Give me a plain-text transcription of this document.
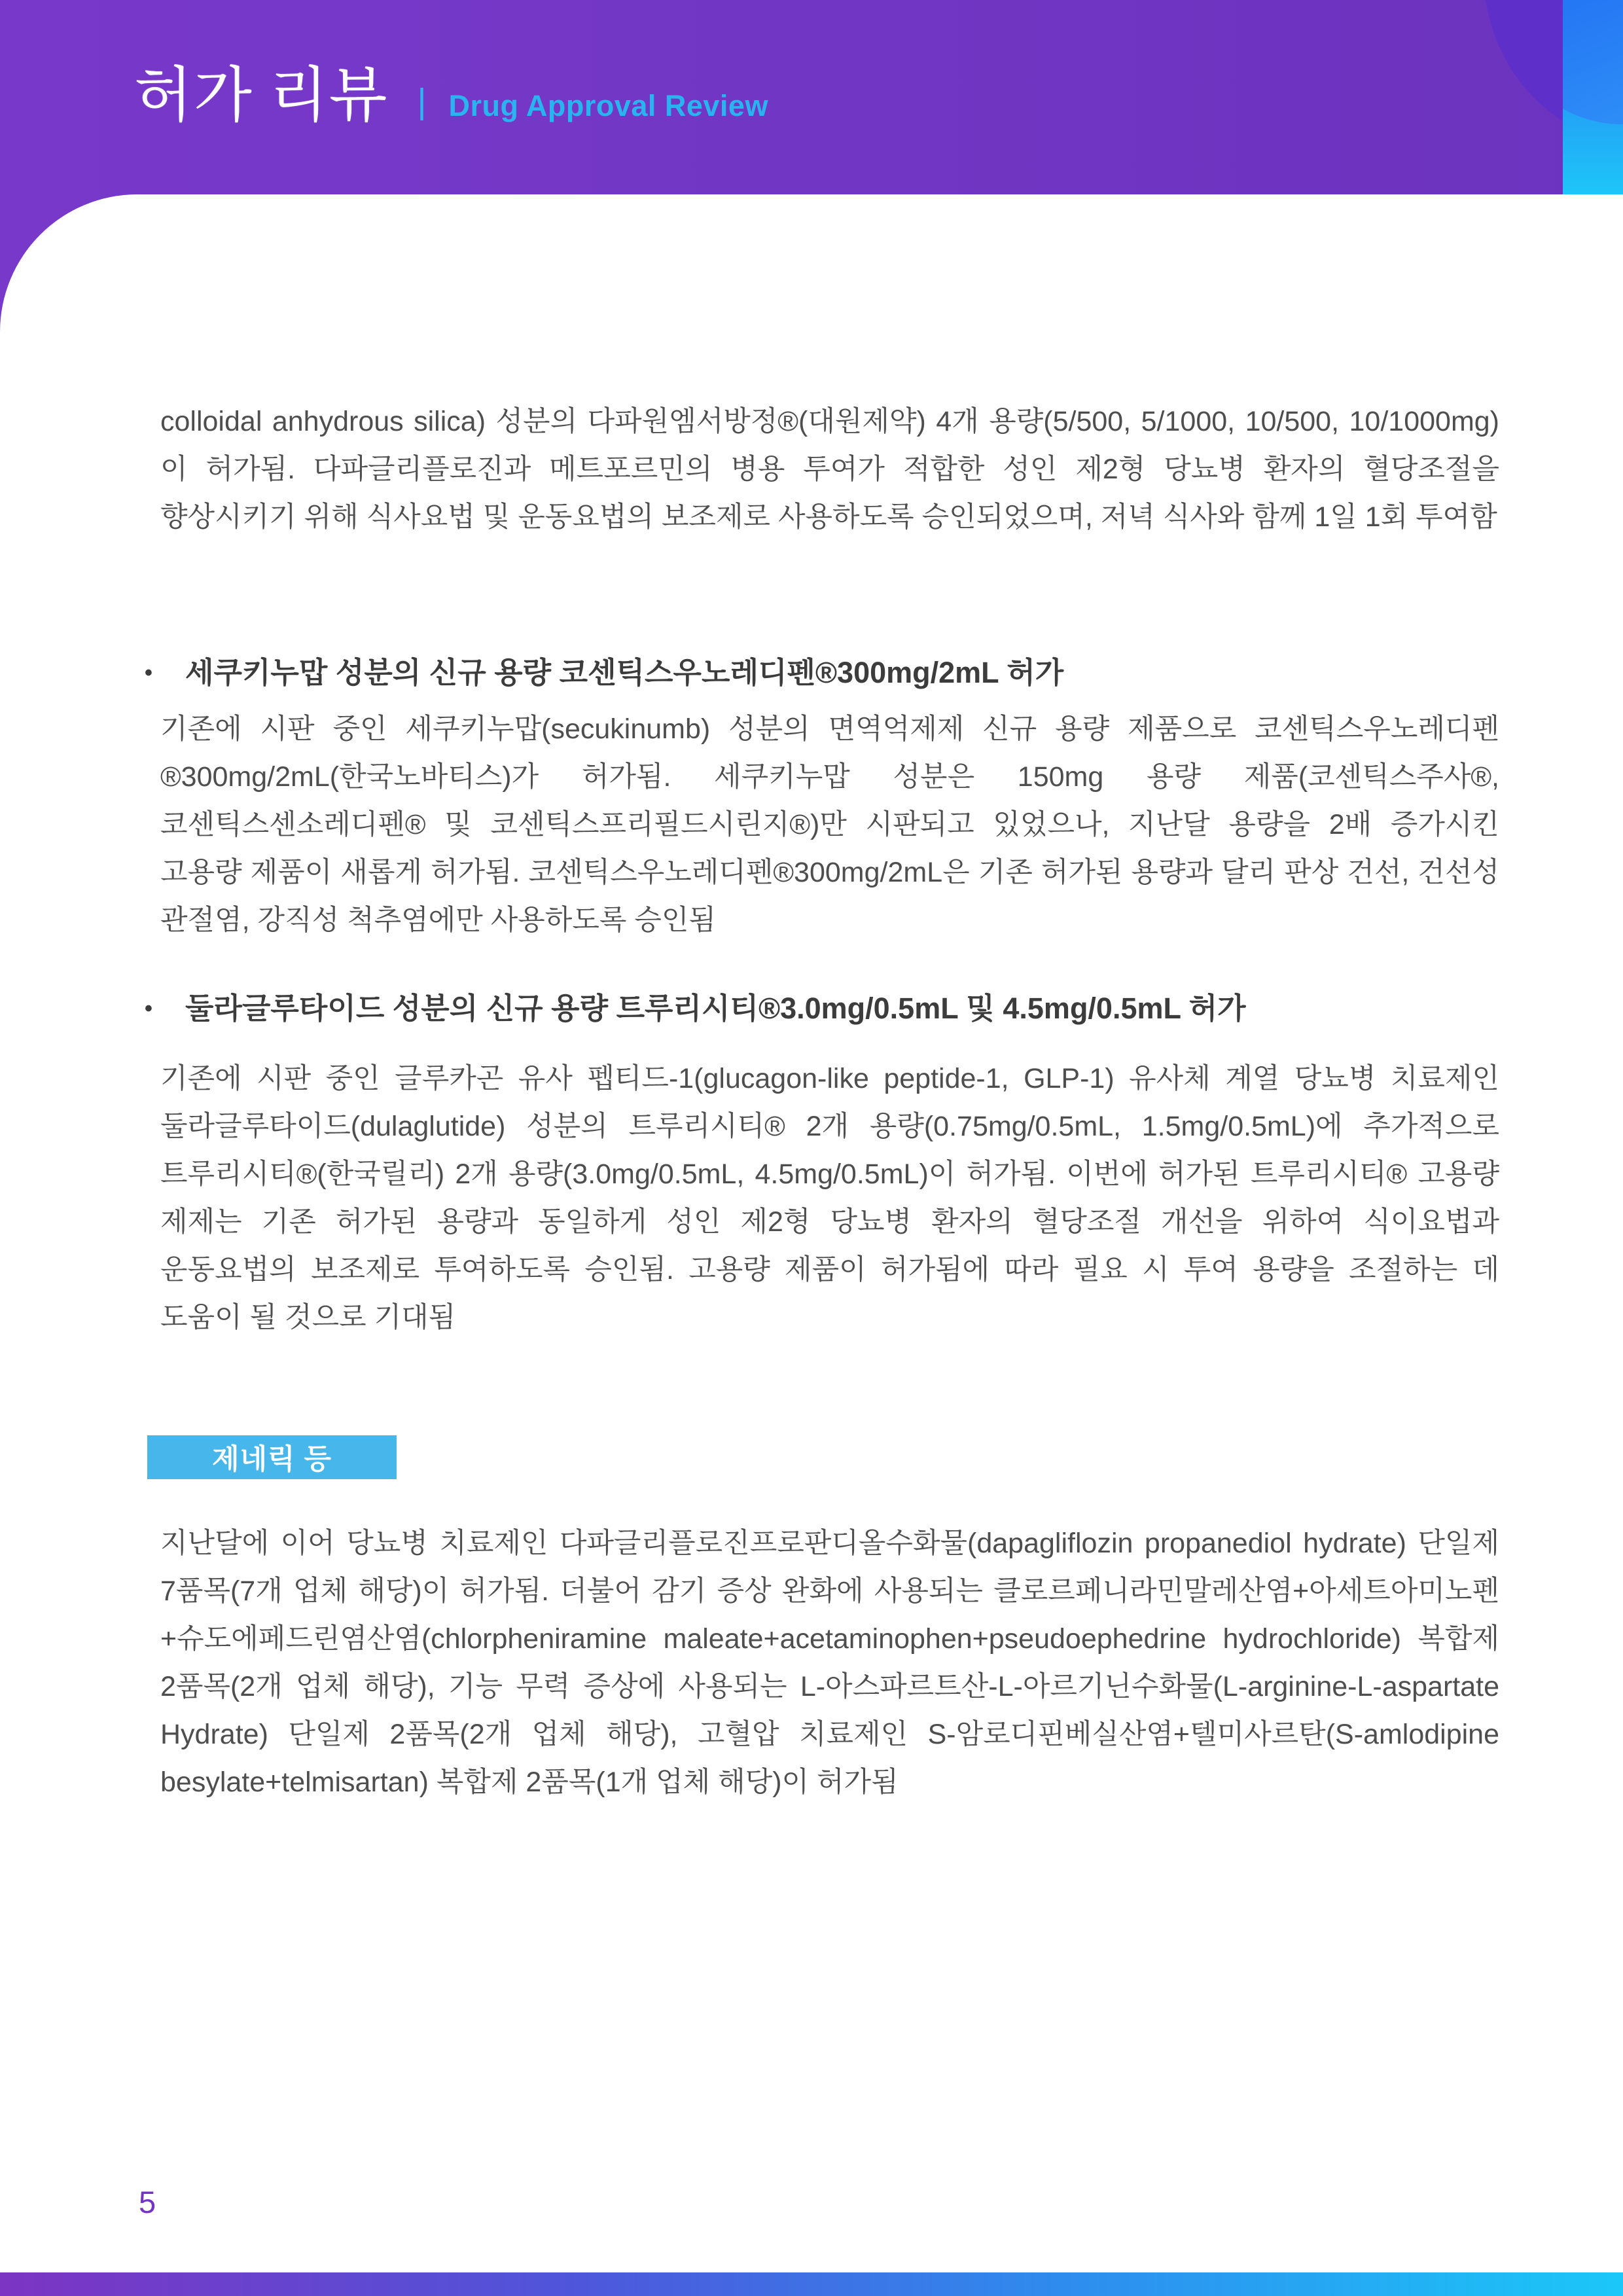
허가 리뷰 | Drug Approval Review

colloidal anhydrous silica) 성분의 다파원엠서방정®(대원제약) 4개 용량(5/500, 5/1000, 10/500, 10/1000mg)이 허가됨. 다파글리플로진과 메트포르민의 병용 투여가 적합한 성인 제2형 당뇨병 환자의 혈당조절을 향상시키기 위해 식사요법 및 운동요법의 보조제로 사용하도록 승인되었으며, 저녁 식사와 함께 1일 1회 투여함

•	세쿠키누맙 성분의 신규 용량 코센틱스우노레디펜®300mg/2mL 허가

기존에 시판 중인 세쿠키누맙(secukinumb) 성분의 면역억제제 신규 용량 제품으로 코센틱스우노레디펜®300mg/2mL(한국노바티스)가 허가됨. 세쿠키누맙 성분은 150mg 용량 제품(코센틱스주사®, 코센틱스센소레디펜® 및 코센틱스프리필드시린지®)만 시판되고 있었으나, 지난달 용량을 2배 증가시킨 고용량 제품이 새롭게 허가됨. 코센틱스우노레디펜®300mg/2mL은 기존 허가된 용량과 달리 판상 건선, 건선성 관절염, 강직성 척추염에만 사용하도록 승인됨

•	둘라글루타이드 성분의 신규 용량 트루리시티®3.0mg/0.5mL 및 4.5mg/0.5mL 허가

기존에 시판 중인 글루카곤 유사 펩티드-1(glucagon-like peptide-1, GLP-1) 유사체 계열 당뇨병 치료제인 둘라글루타이드(dulaglutide) 성분의 트루리시티® 2개 용량(0.75mg/0.5mL, 1.5mg/0.5mL)에 추가적으로 트루리시티®(한국릴리) 2개 용량(3.0mg/0.5mL, 4.5mg/0.5mL)이 허가됨. 이번에 허가된 트루리시티® 고용량 제제는 기존 허가된 용량과 동일하게 성인 제2형 당뇨병 환자의 혈당조절 개선을 위하여 식이요법과 운동요법의 보조제로 투여하도록 승인됨. 고용량 제품이 허가됨에 따라 필요 시 투여 용량을 조절하는 데 도움이 될 것으로 기대됨

제네릭 등

지난달에 이어 당뇨병 치료제인 다파글리플로진프로판디올수화물(dapagliflozin propanediol hydrate) 단일제 7품목(7개 업체 해당)이 허가됨. 더불어 감기 증상 완화에 사용되는 클로르페니라민말레산염+아세트아미노펜+슈도에페드린염산염(chlorpheniramine maleate+acetaminophen+pseudoephedrine hydrochloride) 복합제 2품목(2개 업체 해당), 기능 무력 증상에 사용되는 L-아스파르트산-L-아르기닌수화물(L-arginine-L-aspartate Hydrate) 단일제 2품목(2개 업체 해당), 고혈압 치료제인 S-암로디핀베실산염+텔미사르탄(S-amlodipine besylate+telmisartan) 복합제 2품목(1개 업체 해당)이 허가됨

5
